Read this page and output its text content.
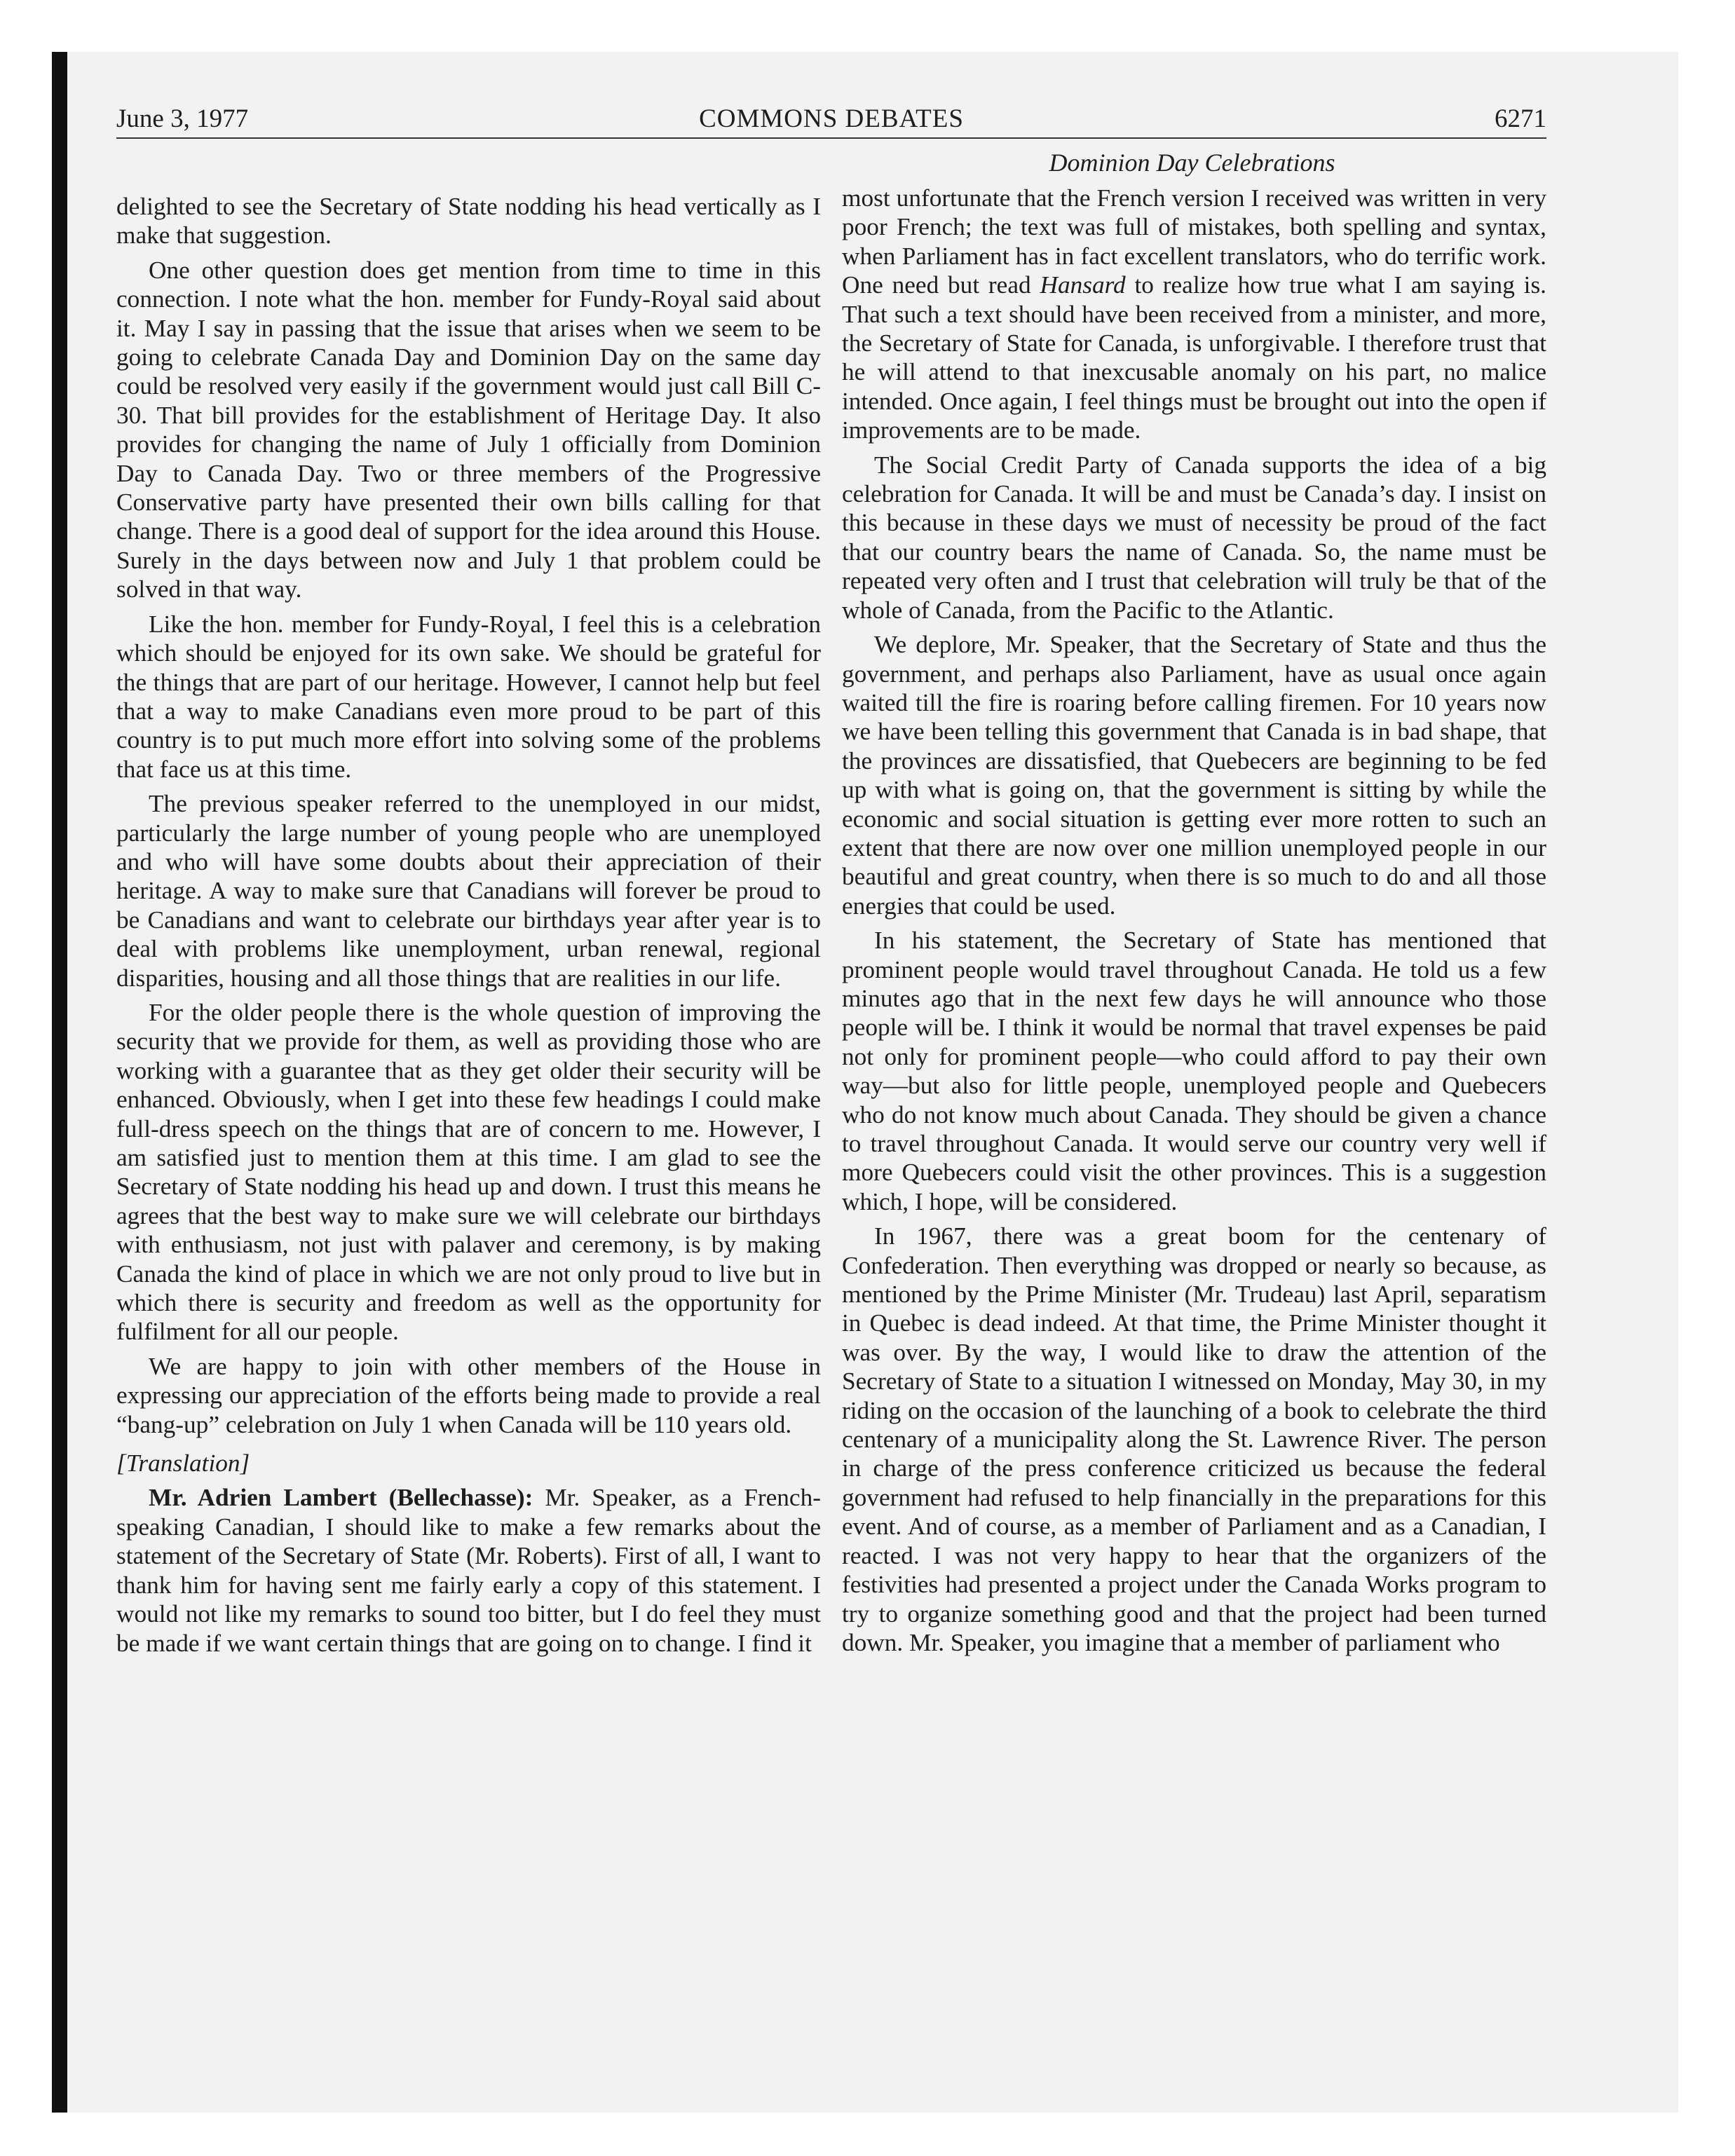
June 3, 1977	COMMONS DEBATES	6271
Dominion Day Celebrations

delighted to see the Secretary of State nodding his head vertically as I make that suggestion.

One other question does get mention from time to time in this connection. I note what the hon. member for Fundy-Royal said about it. May I say in passing that the issue that arises when we seem to be going to celebrate Canada Day and Dominion Day on the same day could be resolved very easily if the government would just call Bill C-30. That bill provides for the establishment of Heritage Day. It also provides for changing the name of July 1 officially from Dominion Day to Canada Day. Two or three members of the Progressive Conservative party have presented their own bills calling for that change. There is a good deal of support for the idea around this House. Surely in the days between now and July 1 that problem could be solved in that way.

Like the hon. member for Fundy-Royal, I feel this is a celebration which should be enjoyed for its own sake. We should be grateful for the things that are part of our heritage. However, I cannot help but feel that a way to make Canadians even more proud to be part of this country is to put much more effort into solving some of the problems that face us at this time.

The previous speaker referred to the unemployed in our midst, particularly the large number of young people who are unemployed and who will have some doubts about their appreciation of their heritage. A way to make sure that Canadians will forever be proud to be Canadians and want to celebrate our birthdays year after year is to deal with problems like unemployment, urban renewal, regional disparities, housing and all those things that are realities in our life.

For the older people there is the whole question of improving the security that we provide for them, as well as providing those who are working with a guarantee that as they get older their security will be enhanced. Obviously, when I get into these few headings I could make full-dress speech on the things that are of concern to me. However, I am satisfied just to mention them at this time. I am glad to see the Secretary of State nodding his head up and down. I trust this means he agrees that the best way to make sure we will celebrate our birthdays with enthusiasm, not just with palaver and ceremony, is by making Canada the kind of place in which we are not only proud to live but in which there is security and freedom as well as the opportunity for fulfilment for all our people.

We are happy to join with other members of the House in expressing our appreciation of the efforts being made to provide a real “bang-up” celebration on July 1 when Canada will be 110 years old.

[Translation]

Mr. Adrien Lambert (Bellechasse): Mr. Speaker, as a French-speaking Canadian, I should like to make a few remarks about the statement of the Secretary of State (Mr. Roberts). First of all, I want to thank him for having sent me fairly early a copy of this statement. I would not like my remarks to sound too bitter, but I do feel they must be made if we want certain things that are going on to change. I find it

most unfortunate that the French version I received was written in very poor French; the text was full of mistakes, both spelling and syntax, when Parliament has in fact excellent translators, who do terrific work. One need but read Hansard to realize how true what I am saying is. That such a text should have been received from a minister, and more, the Secretary of State for Canada, is unforgivable. I therefore trust that he will attend to that inexcusable anomaly on his part, no malice intended. Once again, I feel things must be brought out into the open if improvements are to be made.

The Social Credit Party of Canada supports the idea of a big celebration for Canada. It will be and must be Canada’s day. I insist on this because in these days we must of necessity be proud of the fact that our country bears the name of Canada. So, the name must be repeated very often and I trust that celebration will truly be that of the whole of Canada, from the Pacific to the Atlantic.

We deplore, Mr. Speaker, that the Secretary of State and thus the government, and perhaps also Parliament, have as usual once again waited till the fire is roaring before calling firemen. For 10 years now we have been telling this government that Canada is in bad shape, that the provinces are dissatisfied, that Quebecers are beginning to be fed up with what is going on, that the government is sitting by while the economic and social situation is getting ever more rotten to such an extent that there are now over one million unemployed people in our beautiful and great country, when there is so much to do and all those energies that could be used.

In his statement, the Secretary of State has mentioned that prominent people would travel throughout Canada. He told us a few minutes ago that in the next few days he will announce who those people will be. I think it would be normal that travel expenses be paid not only for prominent people—who could afford to pay their own way—but also for little people, unemployed people and Quebecers who do not know much about Canada. They should be given a chance to travel throughout Canada. It would serve our country very well if more Quebecers could visit the other provinces. This is a suggestion which, I hope, will be considered.

In 1967, there was a great boom for the centenary of Confederation. Then everything was dropped or nearly so because, as mentioned by the Prime Minister (Mr. Trudeau) last April, separatism in Quebec is dead indeed. At that time, the Prime Minister thought it was over. By the way, I would like to draw the attention of the Secretary of State to a situation I witnessed on Monday, May 30, in my riding on the occasion of the launching of a book to celebrate the third centenary of a municipality along the St. Lawrence River. The person in charge of the press conference criticized us because the federal government had refused to help financially in the preparations for this event. And of course, as a member of Parliament and as a Canadian, I reacted. I was not very happy to hear that the organizers of the festivities had presented a project under the Canada Works program to try to organize something good and that the project had been turned down. Mr. Speaker, you imagine that a member of parliament who
